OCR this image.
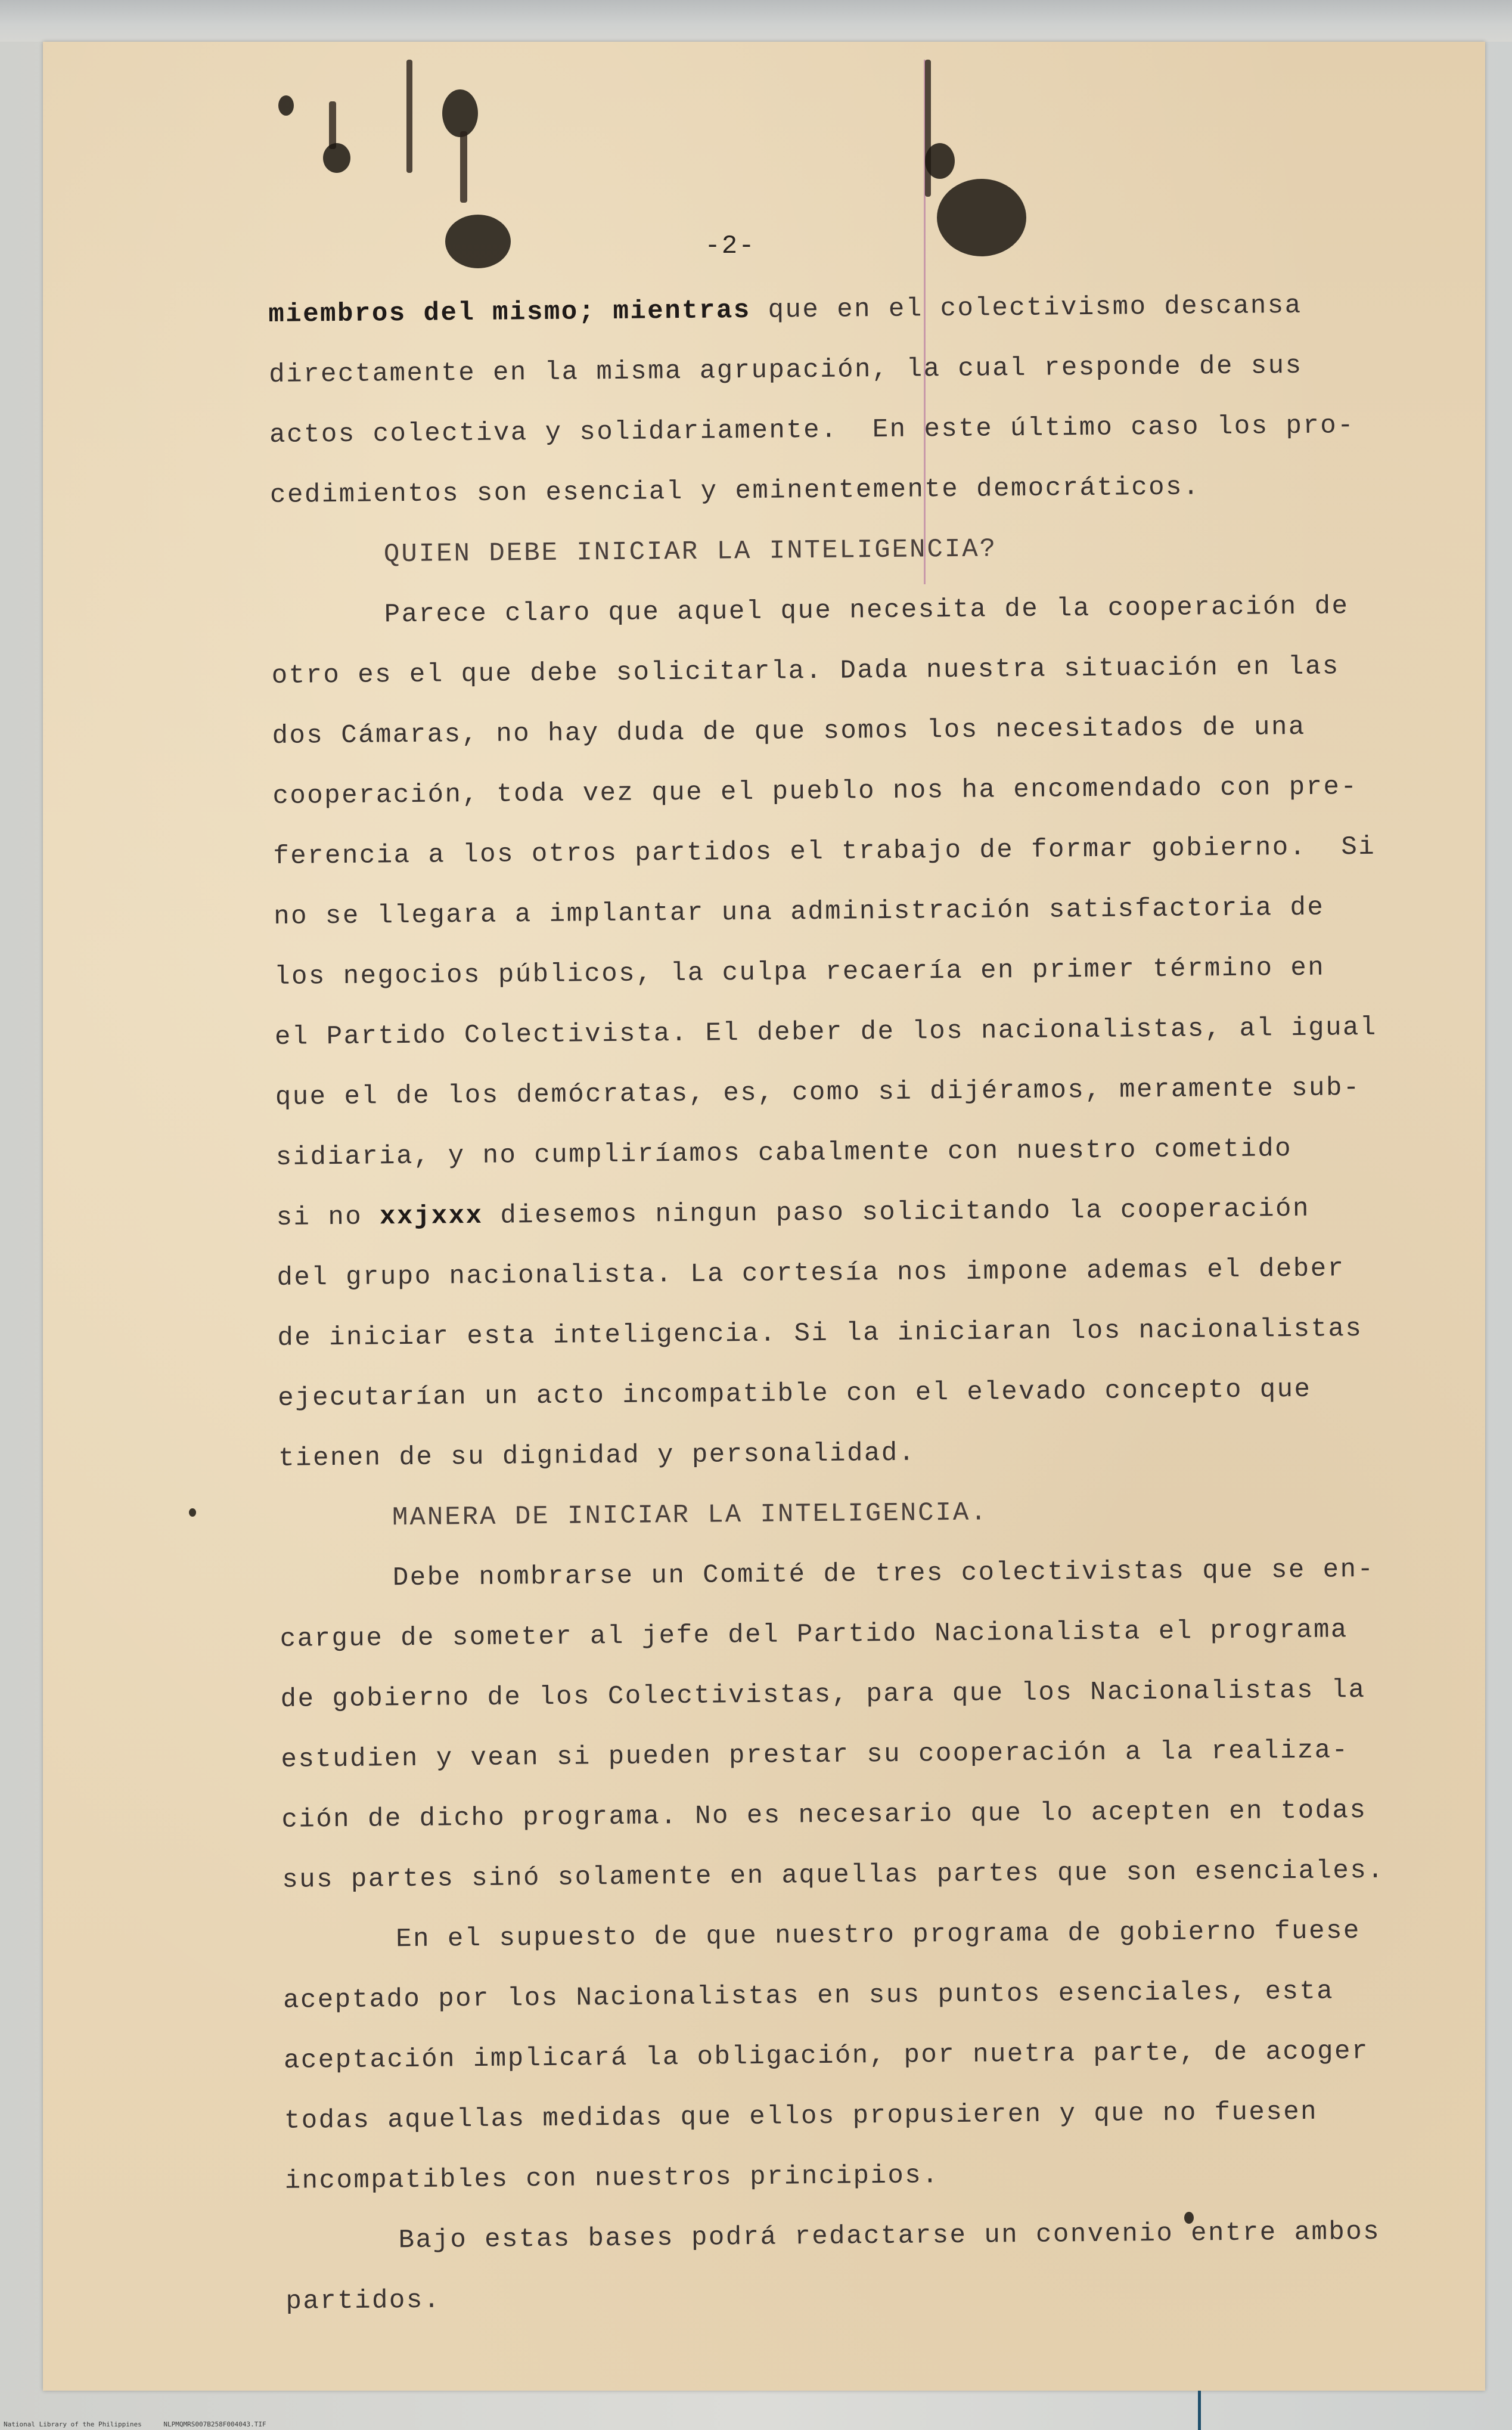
-2-

miembros del mismo; mientras que en el colectivismo descansa

directamente en la misma agrupación, la cual responde de sus

actos colectiva y solidariamente.  En este último caso los pro-

cedimientos son esencial y eminentemente democráticos.

QUIEN DEBE INICIAR LA INTELIGENCIA?

Parece claro que aquel que necesita de la cooperación de

otro es el que debe solicitarla. Dada nuestra situación en las

dos Cámaras, no hay duda de que somos los necesitados de una

cooperación, toda vez que el pueblo nos ha encomendado con pre-

ferencia a los otros partidos el trabajo de formar gobierno.  Si

no se llegara a implantar una administración satisfactoria de

los negocios públicos, la culpa recaería en primer término en

el Partido Colectivista. El deber de los nacionalistas, al igual

que el de los demócratas, es, como si dijéramos, meramente sub-

sidiaria, y no cumpliríamos cabalmente con nuestro cometido

si no xxjxxx diesemos ningun paso solicitando la cooperación

del grupo nacionalista. La cortesía nos impone ademas el deber

de iniciar esta inteligencia. Si la iniciaran los nacionalistas

ejecutarían un acto incompatible con el elevado concepto que

tienen de su dignidad y personalidad.

MANERA DE INICIAR LA INTELIGENCIA.

Debe nombrarse un Comité de tres colectivistas que se en-

cargue de someter al jefe del Partido Nacionalista el programa

de gobierno de los Colectivistas, para que los Nacionalistas la

estudien y vean si pueden prestar su cooperación a la realiza-

ción de dicho programa. No es necesario que lo acepten en todas

sus partes sinó solamente en aquellas partes que son esenciales.

En el supuesto de que nuestro programa de gobierno fuese

aceptado por los Nacionalistas en sus puntos esenciales, esta

aceptación implicará la obligación, por nuetra parte, de acoger

todas aquellas medidas que ellos propusieren y que no fuesen

incompatibles con nuestros principios.

Bajo estas bases podrá redactarse un convenio entre ambos

partidos.

National Library of the Philippines	NLPMQMRS007B258F004043.TIF
